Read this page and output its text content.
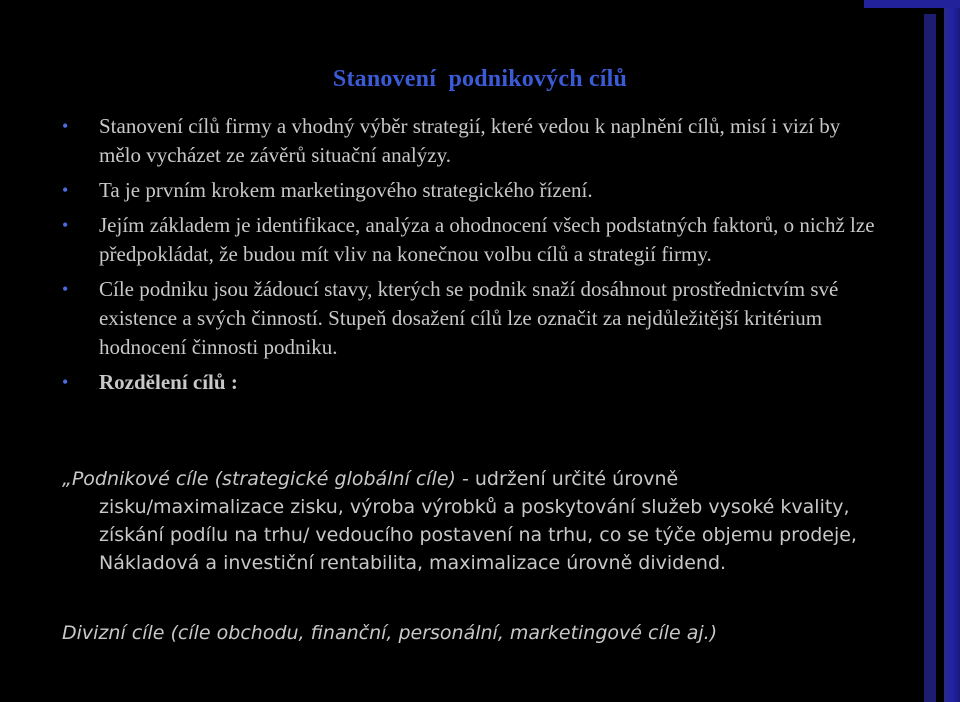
Stanovení  podnikových cílů
• Stanovení cílů firmy a vhodný výběr strategií, které vedou k naplnění cílů, misí i vizí by mělo vycházet ze závěrů situační analýzy.
• Ta je prvním krokem marketingového strategického řízení.
• Jejím základem je identifikace, analýza a ohodnocení všech podstatných faktorů, o nichž lze předpokládat, že budou mít vliv na konečnou volbu cílů a strategií firmy.
• Cíle podniku jsou žádoucí stavy, kterých se podnik snaží dosáhnout prostřednictvím své existence a svých činností. Stupeň dosažení cílů lze označit za nejdůležitější kritérium hodnocení činnosti podniku.
• Rozdělení cílů :
„Podnikové cíle (strategické globální cíle) - udržení určité úrovně
zisku/maximalizace zisku, výroba výrobků a poskytování služeb vysoké kvality, získání podílu na trhu/ vedoucího postavení na trhu, co se týče objemu prodeje, Nákladová a investiční rentabilita, maximalizace úrovně dividend.
Divizní cíle (cíle obchodu, finanční, personální, marketingové cíle aj.)
